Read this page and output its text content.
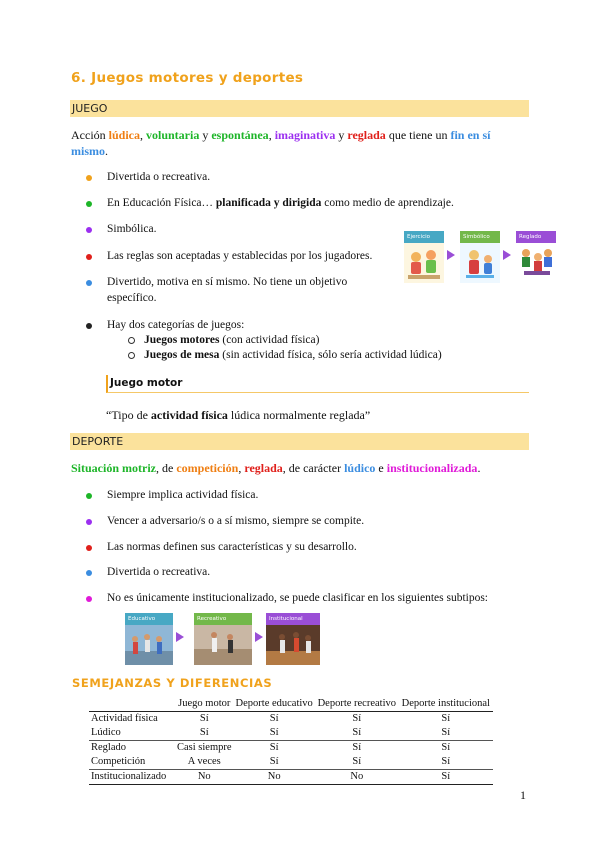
6. Juegos motores y deportes
JUEGO
Acción lúdica, voluntaria y espontánea, imaginativa y reglada que tiene un fin en sí
mismo.
Divertida o recreativa.
En Educación Física… planificada y dirigida como medio de aprendizaje.
Simbólica.
Las reglas son aceptadas y establecidas por los jugadores.
Divertido, motiva en sí mismo. No tiene un objetivo
específico.
Hay dos categorías de juegos:
Juegos motores (con actividad física)
Juegos de mesa (sin actividad física, sólo sería actividad lúdica)
Ejercicio	Simbólico	Reglado
Juego motor
“Tipo de actividad física lúdica normalmente reglada”
DEPORTE
Situación motriz, de competición, reglada, de carácter lúdico e institucionalizada.
Siempre implica actividad física.
Vencer a adversario/s o a sí mismo, siempre se compite.
Las normas definen sus características y su desarrollo.
Divertida o recreativa.
No es únicamente institucionalizado, se puede clasificar en los siguientes subtipos:
Educativo	Recreativo	Institucional
SEMEJANZAS Y DIFERENCIAS
	Juego motor	Deporte educativo	Deporte recreativo	Deporte institucional
Actividad física	Sí	Sí	Sí	Sí
Lúdico	Sí	Sí	Sí	Sí
Reglado	Casi siempre	Sí	Sí	Sí
Competición	A veces	Sí	Sí	Sí
Institucionalizado	No	No	No	Sí
1
